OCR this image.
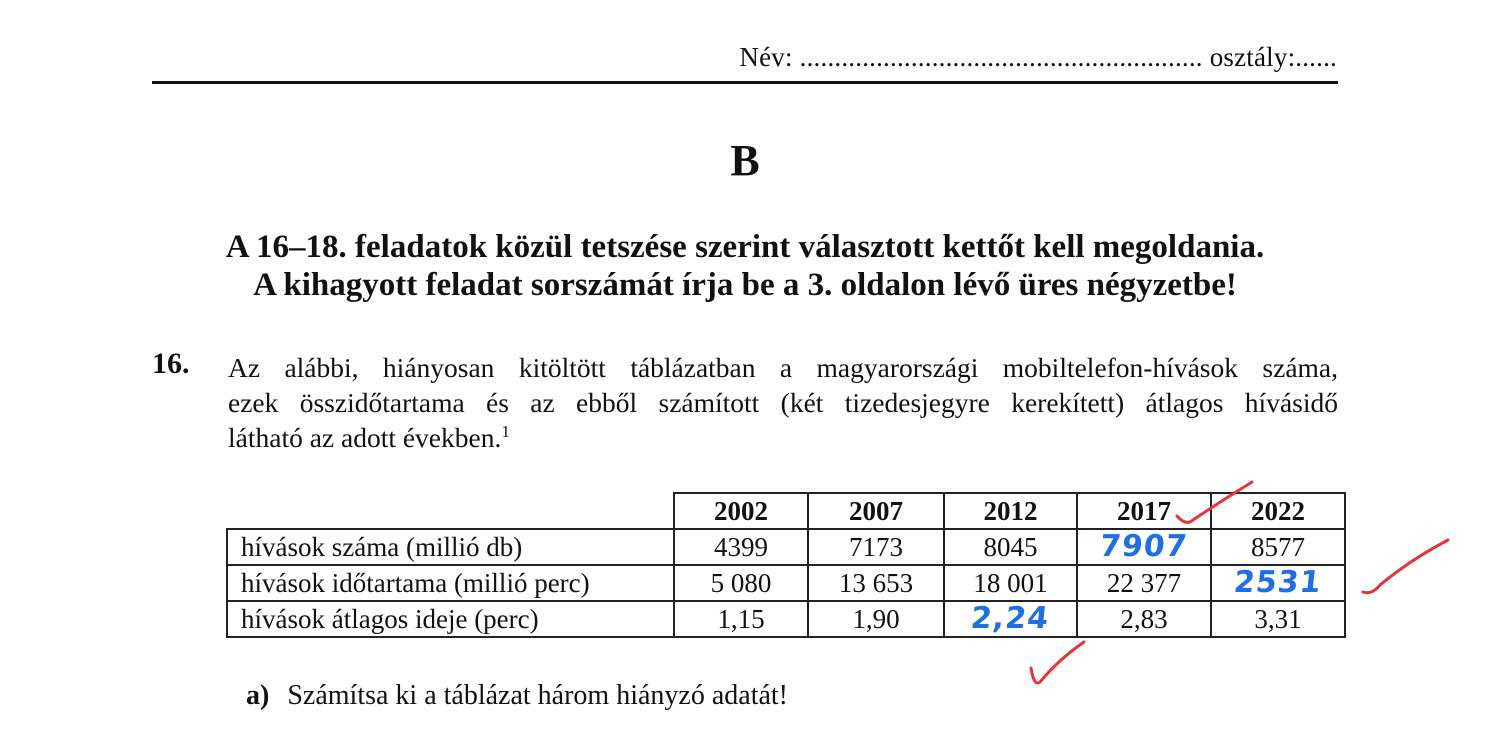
Név: .......................................................... osztály:......
B
A 16–18. feladatok közül tetszése szerint választott kettőt kell megoldania.
A kihagyott feladat sorszámát írja be a 3. oldalon lévő üres négyzetbe!
16. Az alábbi, hiányosan kitöltött táblázatban a magyarországi mobiltelefon-hívások száma,
ezek összidőtartama és az ebből számított (két tizedesjegyre kerekített) átlagos hívásidő
látható az adott években.$^1$
	2002	2007	2012	2017	2022
hívások száma (millió db)	4399	7173	8045	7907	8577
hívások időtartama (millió perc)	5 080	13 653	18 001	22 377	2531
hívások átlagos ideje (perc)	1,15	1,90	2,24	2,83	3,31
a) Számítsa ki a táblázat három hiányzó adatát!
